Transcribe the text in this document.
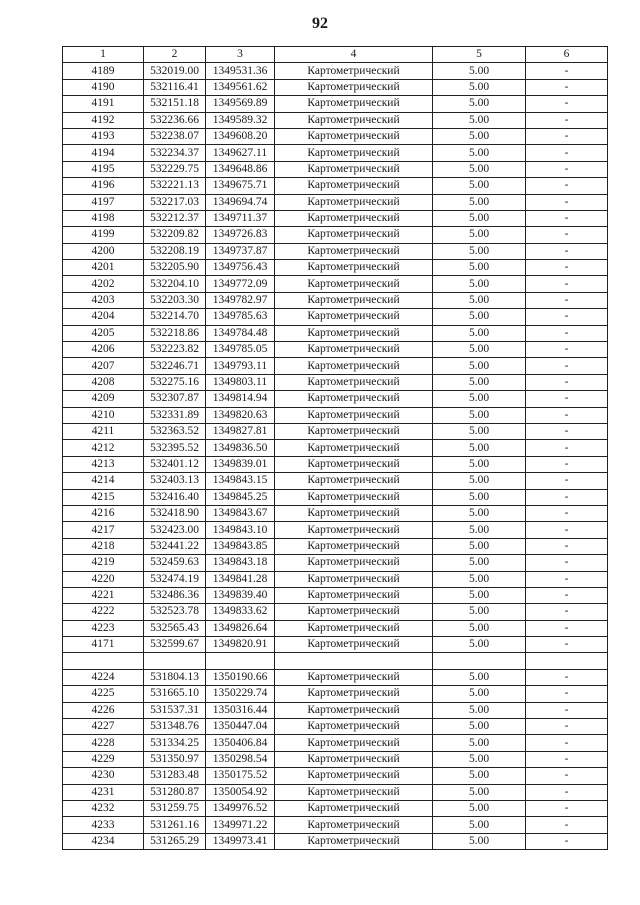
92
1	2	3	4	5	6
4189	532019.00	1349531.36	Картометрический	5.00	-
4190	532116.41	1349561.62	Картометрический	5.00	-
4191	532151.18	1349569.89	Картометрический	5.00	-
4192	532236.66	1349589.32	Картометрический	5.00	-
4193	532238.07	1349608.20	Картометрический	5.00	-
4194	532234.37	1349627.11	Картометрический	5.00	-
4195	532229.75	1349648.86	Картометрический	5.00	-
4196	532221.13	1349675.71	Картометрический	5.00	-
4197	532217.03	1349694.74	Картометрический	5.00	-
4198	532212.37	1349711.37	Картометрический	5.00	-
4199	532209.82	1349726.83	Картометрический	5.00	-
4200	532208.19	1349737.87	Картометрический	5.00	-
4201	532205.90	1349756.43	Картометрический	5.00	-
4202	532204.10	1349772.09	Картометрический	5.00	-
4203	532203.30	1349782.97	Картометрический	5.00	-
4204	532214.70	1349785.63	Картометрический	5.00	-
4205	532218.86	1349784.48	Картометрический	5.00	-
4206	532223.82	1349785.05	Картометрический	5.00	-
4207	532246.71	1349793.11	Картометрический	5.00	-
4208	532275.16	1349803.11	Картометрический	5.00	-
4209	532307.87	1349814.94	Картометрический	5.00	-
4210	532331.89	1349820.63	Картометрический	5.00	-
4211	532363.52	1349827.81	Картометрический	5.00	-
4212	532395.52	1349836.50	Картометрический	5.00	-
4213	532401.12	1349839.01	Картометрический	5.00	-
4214	532403.13	1349843.15	Картометрический	5.00	-
4215	532416.40	1349845.25	Картометрический	5.00	-
4216	532418.90	1349843.67	Картометрический	5.00	-
4217	532423.00	1349843.10	Картометрический	5.00	-
4218	532441.22	1349843.85	Картометрический	5.00	-
4219	532459.63	1349843.18	Картометрический	5.00	-
4220	532474.19	1349841.28	Картометрический	5.00	-
4221	532486.36	1349839.40	Картометрический	5.00	-
4222	532523.78	1349833.62	Картометрический	5.00	-
4223	532565.43	1349826.64	Картометрический	5.00	-
4171	532599.67	1349820.91	Картометрический	5.00	-

4224	531804.13	1350190.66	Картометрический	5.00	-
4225	531665.10	1350229.74	Картометрический	5.00	-
4226	531537.31	1350316.44	Картометрический	5.00	-
4227	531348.76	1350447.04	Картометрический	5.00	-
4228	531334.25	1350406.84	Картометрический	5.00	-
4229	531350.97	1350298.54	Картометрический	5.00	-
4230	531283.48	1350175.52	Картометрический	5.00	-
4231	531280.87	1350054.92	Картометрический	5.00	-
4232	531259.75	1349976.52	Картометрический	5.00	-
4233	531261.16	1349971.22	Картометрический	5.00	-
4234	531265.29	1349973.41	Картометрический	5.00	-
